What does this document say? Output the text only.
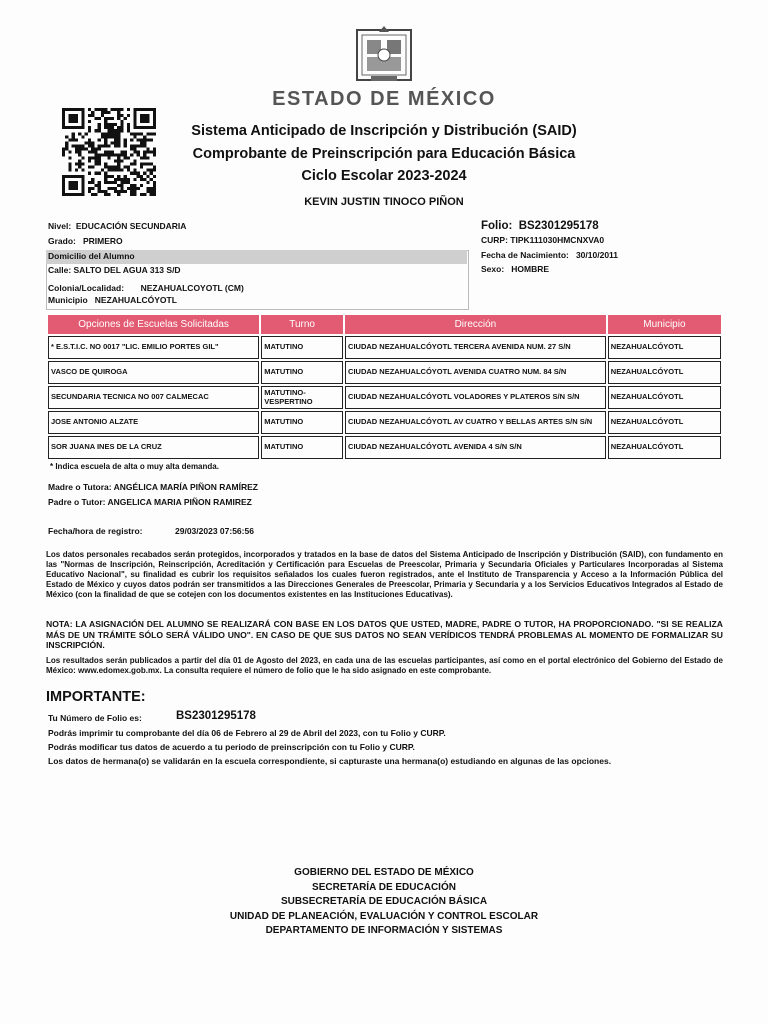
ESTADO DE MÉXICO
Sistema Anticipado de Inscripción y Distribución (SAID)
Comprobante de Preinscripción para Educación Básica
Ciclo Escolar 2023-2024
KEVIN JUSTIN TINOCO PIÑON
Nivel: EDUCACIÓN SECUNDARIA
Grado: PRIMERO
Domicilio del Alumno
Calle: SALTO DEL AGUA 313 S/D
Colonia/Localidad: NEZAHUALCOYOTL (CM)
Municipio NEZAHUALCÓYOTL
Folio: BS2301295178
CURP: TIPK111030HMCNXVA0
Fecha de Nacimiento: 30/10/2011
Sexo: HOMBRE
Opciones de Escuelas Solicitadas	Turno	Dirección	Municipio
* E.S.T.I.C. NO 0017 "LIC. EMILIO PORTES GIL"	MATUTINO	CIUDAD NEZAHUALCÓYOTL TERCERA AVENIDA NUM. 27 S/N	NEZAHUALCÓYOTL
VASCO DE QUIROGA	MATUTINO	CIUDAD NEZAHUALCÓYOTL AVENIDA CUATRO NUM. 84 S/N	NEZAHUALCÓYOTL
SECUNDARIA TECNICA NO 007 CALMECAC	MATUTINO-VESPERTINO	CIUDAD NEZAHUALCÓYOTL VOLADORES Y PLATEROS S/N S/N	NEZAHUALCÓYOTL
JOSE ANTONIO ALZATE	MATUTINO	CIUDAD NEZAHUALCÓYOTL AV CUATRO Y BELLAS ARTES S/N S/N	NEZAHUALCÓYOTL
SOR JUANA INES DE LA CRUZ	MATUTINO	CIUDAD NEZAHUALCÓYOTL AVENIDA 4 S/N S/N	NEZAHUALCÓYOTL
* Indica escuela de alta o muy alta demanda.
Madre o Tutora: ANGÉLICA MARÍA PIÑON RAMÍREZ
Padre o Tutor: ANGELICA MARIA PIÑON RAMIREZ
Fecha/hora de registro:	29/03/2023 07:56:56
Los datos personales recabados serán protegidos, incorporados y tratados en la base de datos del Sistema Anticipado de Inscripción y Distribución (SAID), con fundamento en las "Normas de Inscripción, Reinscripción, Acreditación y Certificación para Escuelas de Preescolar, Primaria y Secundaria Oficiales y Particulares Incorporadas al Sistema Educativo Nacional", su finalidad es cubrir los requisitos señalados los cuales fueron registrados, ante el Instituto de Transparencia y Acceso a la Información Pública del Estado de México y cuyos datos podrán ser transmitidos a las Direcciones Generales de Preescolar, Primaria y Secundaria y a los Servicios Educativos Integrados al Estado de México (con la finalidad de que se cotejen con los documentos existentes en las Instituciones Educativas).
NOTA: LA ASIGNACIÓN DEL ALUMNO SE REALIZARÁ CON BASE EN LOS DATOS QUE USTED, MADRE, PADRE O TUTOR, HA PROPORCIONADO. "SI SE REALIZA MÁS DE UN TRÁMITE SÓLO SERÁ VÁLIDO UNO". EN CASO DE QUE SUS DATOS NO SEAN VERÍDICOS TENDRÁ PROBLEMAS AL MOMENTO DE FORMALIZAR SU INSCRIPCIÓN.
Los resultados serán publicados a partir del día 01 de Agosto del 2023, en cada una de las escuelas participantes, así como en el portal electrónico del Gobierno del Estado de México: www.edomex.gob.mx. La consulta requiere el número de folio que le ha sido asignado en este comprobante.
IMPORTANTE:
Tu Número de Folio es:	BS2301295178
Podrás imprimir tu comprobante del día 06 de Febrero al 29 de Abril del 2023, con tu Folio y CURP.
Podrás modificar tus datos de acuerdo a tu periodo de preinscripción con tu Folio y CURP.
Los datos de hermana(o) se validarán en la escuela correspondiente, si capturaste una hermana(o) estudiando en algunas de las opciones.
GOBIERNO DEL ESTADO DE MÉXICO
SECRETARÍA DE EDUCACIÓN
SUBSECRETARÍA DE EDUCACIÓN BÁSICA
UNIDAD DE PLANEACIÓN, EVALUACIÓN Y CONTROL ESCOLAR
DEPARTAMENTO DE INFORMACIÓN Y SISTEMAS
